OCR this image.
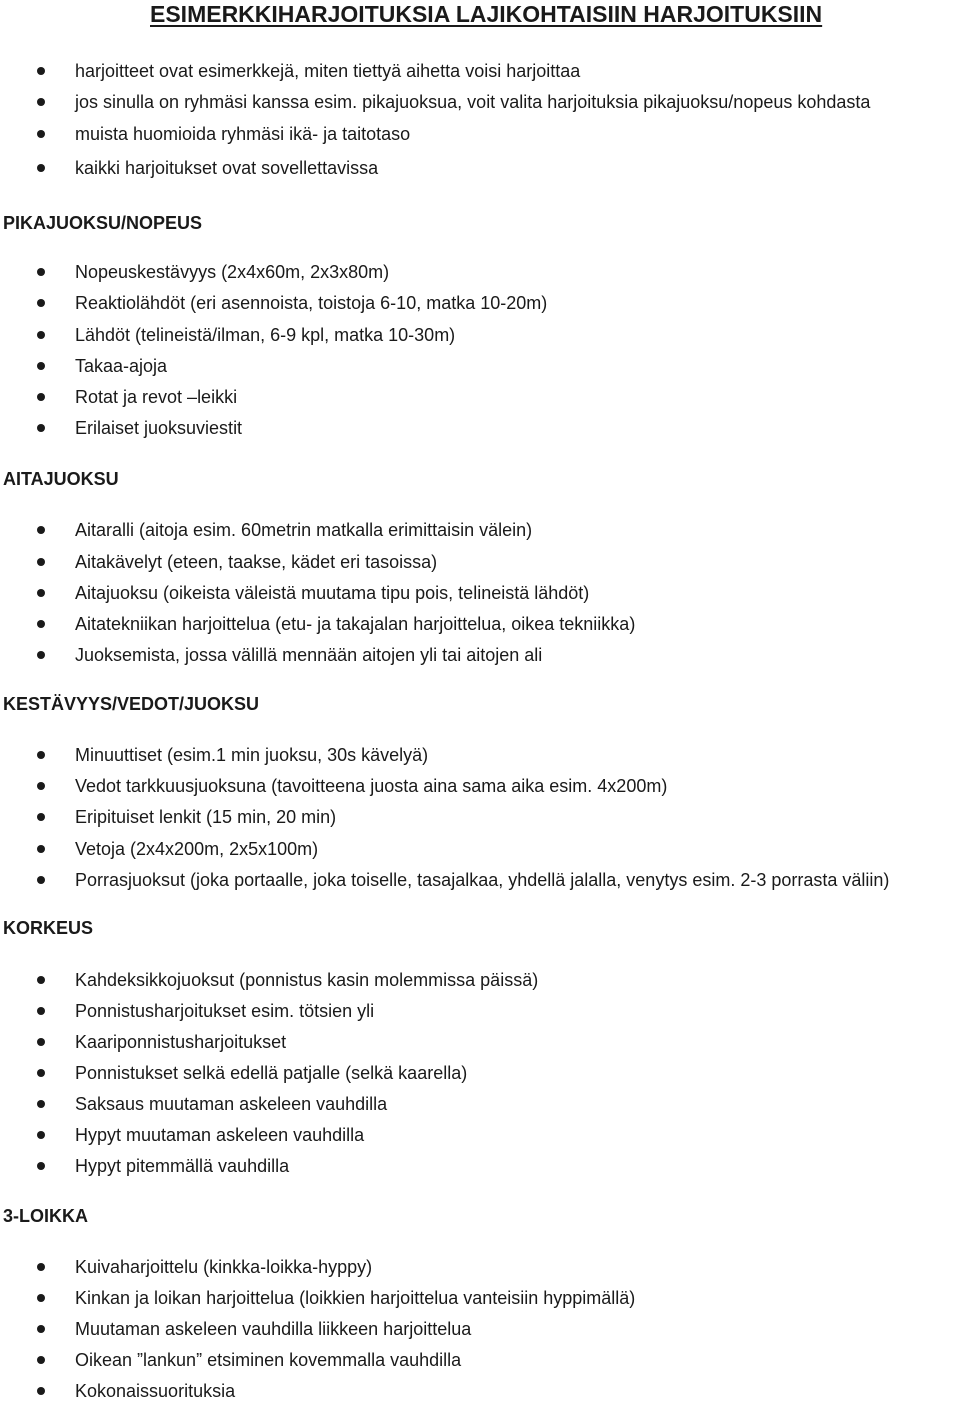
ESIMERKKIHARJOITUKSIA LAJIKOHTAISIIN HARJOITUKSIIN
harjoitteet ovat esimerkkejä, miten tiettyä aihetta voisi harjoittaa
jos sinulla on ryhmäsi kanssa esim. pikajuoksua, voit valita harjoituksia pikajuoksu/nopeus kohdasta
muista huomioida ryhmäsi ikä- ja taitotaso
kaikki harjoitukset ovat sovellettavissa
PIKAJUOKSU/NOPEUS
Nopeuskestävyys (2x4x60m, 2x3x80m)
Reaktiolähdöt (eri asennoista, toistoja 6-10, matka 10-20m)
Lähdöt (telineistä/ilman, 6-9 kpl, matka 10-30m)
Takaa-ajoja
Rotat ja revot –leikki
Erilaiset juoksuviestit
AITAJUOKSU
Aitaralli (aitoja esim. 60metrin matkalla erimittaisin välein)
Aitakävelyt (eteen, taakse, kädet eri tasoissa)
Aitajuoksu (oikeista väleistä muutama tipu pois, telineistä lähdöt)
Aitatekniikan harjoittelua (etu- ja takajalan harjoittelua, oikea tekniikka)
Juoksemista, jossa välillä mennään aitojen yli tai aitojen ali
KESTÄVYYS/VEDOT/JUOKSU
Minuuttiset (esim.1 min juoksu, 30s kävelyä)
Vedot tarkkuusjuoksuna (tavoitteena juosta aina sama aika esim. 4x200m)
Eripituiset lenkit (15 min, 20 min)
Vetoja (2x4x200m, 2x5x100m)
Porrasjuoksut (joka portaalle, joka toiselle, tasajalkaa, yhdellä jalalla, venytys esim. 2-3 porrasta väliin)
KORKEUS
Kahdeksikkojuoksut (ponnistus kasin molemmissa päissä)
Ponnistusharjoitukset esim. tötsien yli
Kaariponnistusharjoitukset
Ponnistukset selkä edellä patjalle (selkä kaarella)
Saksaus muutaman askeleen vauhdilla
Hypyt muutaman askeleen vauhdilla
Hypyt pitemmällä vauhdilla
3-LOIKKA
Kuivaharjoittelu (kinkka-loikka-hyppy)
Kinkan ja loikan harjoittelua (loikkien harjoittelua vanteisiin hyppimällä)
Muutaman askeleen vauhdilla liikkeen harjoittelua
Oikean ”lankun” etsiminen kovemmalla vauhdilla
Kokonaissuorituksia
